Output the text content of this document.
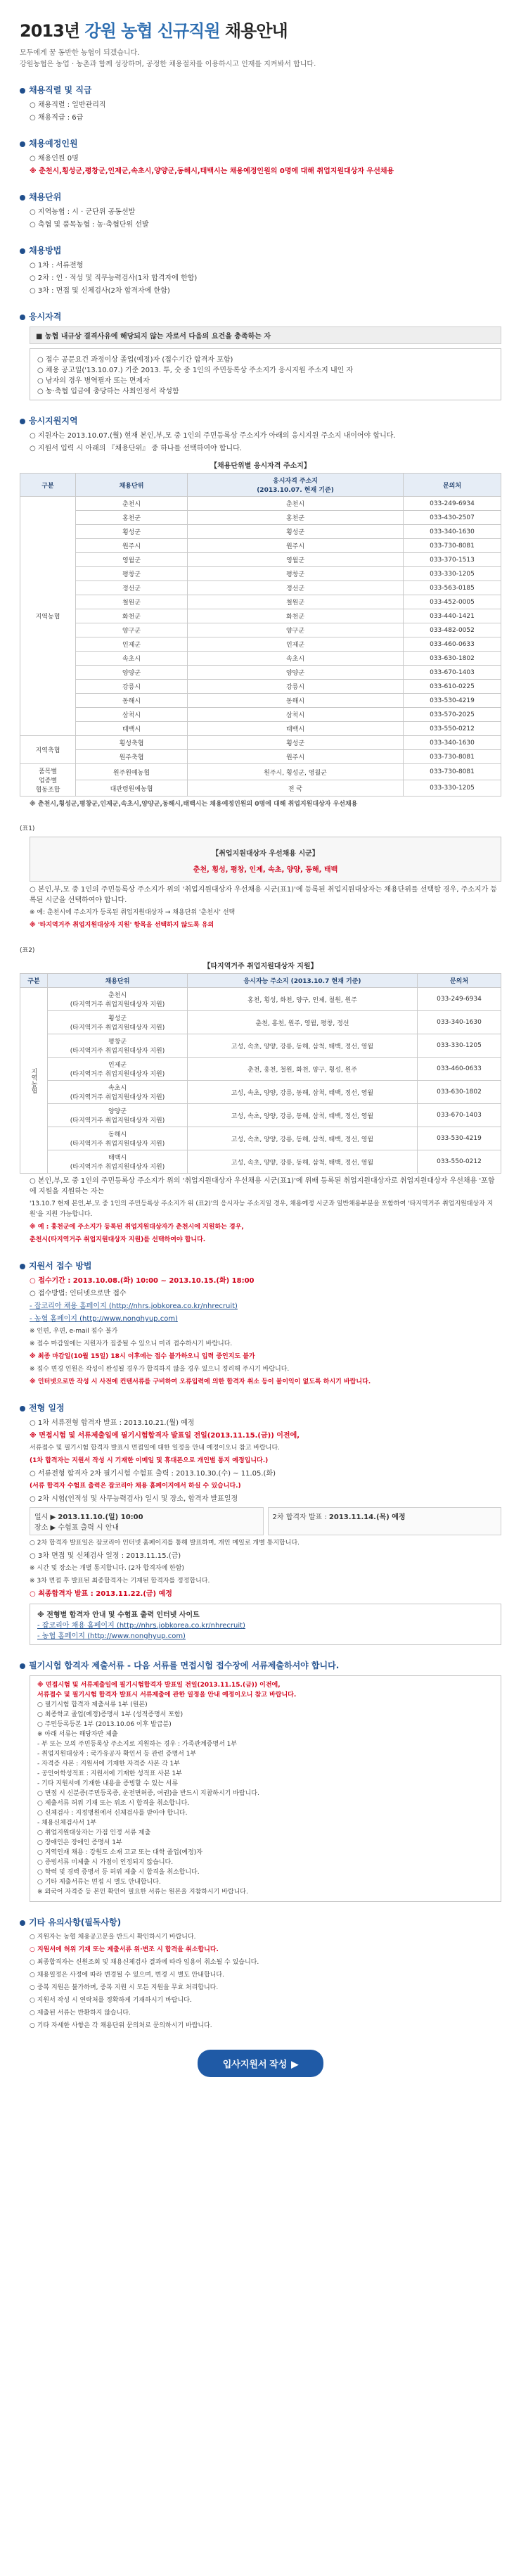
2013년 강원 농협 신규직원 채용안내

모두에게 꿈 동반한 농협이 되겠습니다.

강원농협은 농업 · 농촌과 함께 성장하며, 공정한 채용절차를 이용하시고 인재를 지켜봐서 합니다.

채용직렬 및 직급
○ 채용직렬 : 일반관리직
○ 채용직급 : 6급
채용예정인원
○ 채용인원 0명
※ 춘천시,횡성군,평창군,인제군,속초시,양양군,동해시,태백시는 채용예정인원의 0명에 대해 취업지원대상자 우선채용
채용단위
○ 지역농협 : 시 · 군단위 공동선발
○ 축협 및 품목농협 : 농·축협단위 선발
채용방법
○ 1차 : 서류전형
○ 2차 : 인 · 적성 및 직무능력검사(1차 합격자에 한함)
○ 3차 : 면접 및 신체검사(2차 합격자에 한함)
응시자격
■ 농협 내규상 결격사유에 해당되지 않는 자로서 다음의 요건을 충족하는 자
○ 접수 공문요건 과정이상 졸업(예정)자 (접수기간 합격자 포함)
○ 채용 공고일('13.10.07.) 기준 2013. 투, 숫 중 1인의 주민등록상 주소지가 응시지원 주소지 내인 자
○ 남자의 경우 병역필자 또는 면제자
○ 농·축협 입금에 충당하는 사회인정서 작성함
응시지원지역
○ 지원자는 2013.10.07.(월) 현재 본인,부,모 중 1인의 주민등록상 주소지가 아래의 응시지원 주소지 내이어야 합니다.
○ 지원서 입력 시 아래의 『채용단위』 중 하나를 선택하여야 합니다.
【채용단위별 응시자격 주소지】
구분	채용단위	응시자격 주소지
(2013.10.07. 현재 기준)	문의처
지역농협	춘천시	춘천시	033-249-6934
	홍천군	홍천군	033-430-2507
	횡성군	횡성군	033-340-1630
	원주시	원주시	033-730-8081
	영월군	영월군	033-370-1513
	평창군	평창군	033-330-1205
	정선군	정선군	033-563-0185
	철원군	철원군	033-452-0005
	화천군	화천군	033-440-1421
	양구군	양구군	033-482-0052
	인제군	인제군	033-460-0633
	속초시	속초시	033-630-1802
	양양군	양양군	033-670-1403
	강릉시	강릉시	033-610-0225
	동해시	동해시	033-530-4219
	삼척시	삼척시	033-570-2025
	태백시	태백시	033-550-0212
지역축협	횡성축협	횡성군	033-340-1630
	원주축협	원주시	033-730-8081
품목별
업종별
협동조합	원주원예농협	원주시, 횡성군, 영월군	033-730-8081
	대관령원예농협	전 국	033-330-1205
※ 춘천시,횡성군,평창군,인제군,속초시,양양군,동해시,태백시는 채용예정인원의 0명에 대해 취업지원대상자 우선채용
(표1)
【취업지원대상자 우선채용 시군】
춘천, 횡성, 평창, 인제, 속초, 양양, 동해, 태백
○ 본인,부,모 중 1인의 주민등록상 주소지가 위의 '취업지원대상자 우선채용 시군(표1)'에 등록된 취업지원대상자는 채용단위를 선택할 경우, 주소지가 등록된 시군을 선택하여야 합니다.
※ 예: 춘천시에 주소지가 등록된 취업지원대상자 → 채용단위 '춘천시' 선택
※ '타지역거주 취업지원대상자 지원' 항목을 선택하지 않도록 유의
(표2)
【타지역거주 취업지원대상자 지원】
구분	채용단위	응시자능 주소지 (2013.10.7 현재 기준)	문의처
지역농협	춘천시
(타지역거주 취업지원대상자 지원)	홍천, 횡성, 화천, 양구, 인제, 철원, 원주	033-249-6934
	횡성군
(타지역거주 취업지원대상자 지원)	춘천, 홍천, 원주, 영월, 평창, 정선	033-340-1630
	평창군
(타지역거주 취업지원대상자 지원)	고성, 속초, 양양, 강릉, 동해, 삼척, 태백, 정선, 영월	033-330-1205
	인제군
(타지역거주 취업지원대상자 지원)	춘천, 홍천, 철원, 화천, 양구, 횡성, 원주	033-460-0633
	속초시
(타지역거주 취업지원대상자 지원)	고성, 속초, 양양, 강릉, 동해, 삼척, 태백, 정선, 영월	033-630-1802
	양양군
(타지역거주 취업지원대상자 지원)	고성, 속초, 양양, 강릉, 동해, 삼척, 태백, 정선, 영월	033-670-1403
	동해시
(타지역거주 취업지원대상자 지원)	고성, 속초, 양양, 강릉, 동해, 삼척, 태백, 정선, 영월	033-530-4219
	태백시
(타지역거주 취업지원대상자 지원)	고성, 속초, 양양, 강릉, 동해, 삼척, 태백, 정선, 영월	033-550-0212
○ 본인,부,모 중 1인의 주민등록상 주소지가 위의 '취업지원대상자 우선채용 시군(표1)'에 위배 등록된 취업지원대상자로 취업지원대상자 우선채용 '포함에 지원을 지원하는 자는
'13.10.7 현재 본인,부,모 중 1인의 주민등록상 주소지가 위 (표2)'의 응시자능 주소지일 경우, 채용예정 시군과 일반채용부분을 포함하여 '타지역거주 취업지원대상자 지원'을 지원 가능합니다.
※ 예 : 홍천군에 주소지가 등록된 취업지원대상자가 춘천시에 지원하는 경우,
춘천시(타지역거주 취업지원대상자 지원)를 선택하여야 합니다.
지원서 접수 방법
○ 접수기간 : 2013.10.08.(화) 10:00 ~ 2013.10.15.(화) 18:00
○ 접수방법: 인터넷으로만 접수
- 잡코리아 채용 홈페이지 (http://nhrs.jobkorea.co.kr/nhrecruit)
- 농협 홈페이지 (http://www.nonghyup.com)
※ 인편, 우편, e-mail 접수 불가
※ 접수 마감일에는 지원자가 집중될 수 있으니 미리 접수하시기 바랍니다.
※ 최종 마감일(10월 15일) 18시 이후에는 접수 불가하오니 입력 중인지도 불가
※ 접수 변경 인원은 작성이 완성될 경우가 합격하지 않을 경우 있으니 정리해 주시기 바랍니다.
※ 인터넷으로만 작성 시 사전에 컨텐서류를 구비하여 오류입력에 의한 합격자 취소 등이 불이익이 없도록 하시기 바랍니다.
전형 일정
○ 1차 서류전형 합격자 발표 : 2013.10.21.(월) 예정
※ 면접시험 및 서류제출일에 필기시험합격자 발표일 전일(2013.11.15.(금)) 이전에,
서류접수 및 필기시험 합격자 발표시 면접일에 대한 일정을 안내 예정이오니 참고 바랍니다.
(1차 합격자는 지원서 작성 시 기재한 이메일 및 휴대폰으로 개인별 통지 예정입니다.)
○ 서류전형 합격자 2차 필기시험 수험표 출력 : 2013.10.30.(수) ~ 11.05.(화)
(서류 합격자 수험표 출력은 잡코리아 채용 홈페이지에서 하실 수 있습니다.)
○ 2차 시험(인적성 및 사무능력검사) 일시 및 장소, 합격자 발표일정
일시 ▶ 2013.11.10.(일) 10:00
장소 ▶ 수험표 출력 시 안내
2차 합격자 발표 : 2013.11.14.(목) 예정
○ 2차 합격자 발표일은 잡코리아 인터넷 홈페이지를 통해 발표하며, 개인 메일로 개별 통지합니다.
○ 3차 면접 및 신체검사 일정 : 2013.11.15.(금)
※ 시간 및 장소는 개별 통지합니다. (2차 합격자에 한함)
※ 3차 면접 후 발표된 최종합격자는 기재된 합격자를 정정합니다.
○ 최종합격자 발표 : 2013.11.22.(금) 예정
※ 전형별 합격자 안내 및 수험표 출력 인터넷 사이트
- 잡코리아 채용 홈페이지 (http://nhrs.jobkorea.co.kr/nhrecruit)
- 농협 홈페이지 (http://www.nonghyup.com)
필기시험 합격자 제출서류 - 다음 서류를 면접시험 접수장에 서류제출하셔야 합니다.
※ 면접시험 및 서류제출일에 필기시험합격자 발표일 전일(2013.11.15.(금)) 이전에,
서류접수 및 필기시험 합격자 발표시 서류제출에 관한 일정을 안내 예정이오니 참고 바랍니다.
○ 필기시험 합격자 제출서류 1부 (원본)
○ 최종학교 졸업(예정)증명서 1부 (성적증명서 포함)
○ 주민등록등본 1부 (2013.10.06 이후 발급분)
※ 아래 서류는 해당자만 제출
- 부 또는 모의 주민등록상 주소지로 지원하는 경우 : 가족관계증명서 1부
- 취업지원대상자 : 국가유공자 확인서 등 관련 증명서 1부
- 자격증 사본 : 지원서에 기재한 자격증 사본 각 1부
- 공인어학성적표 : 지원서에 기재한 성적표 사본 1부
- 기타 지원서에 기재한 내용을 증빙할 수 있는 서류
○ 면접 시 신분증(주민등록증, 운전면허증, 여권)을 반드시 지참하시기 바랍니다.
○ 제출서류 허위 기재 또는 위조 시 합격을 취소합니다.
○ 신체검사 : 지정병원에서 신체검사를 받아야 합니다.
- 채용신체검사서 1부
○ 취업지원대상자는 가점 인정 서류 제출
○ 장애인은 장애인 증명서 1부
○ 지역인재 채용 : 강원도 소재 고교 또는 대학 졸업(예정)자
○ 증빙서류 미제출 시 가점이 인정되지 않습니다.
○ 학력 및 경력 증명서 등 허위 제출 시 합격을 취소합니다.
○ 기타 제출서류는 면접 시 별도 안내합니다.
※ 외국어 자격증 등 본인 확인이 필요한 서류는 원본을 지참하시기 바랍니다.
기타 유의사항(필독사항)
○ 지원자는 농협 채용공고문을 반드시 확인하시기 바랍니다.
○ 지원서에 허위 기재 또는 제출서류 위·변조 시 합격을 취소합니다.
○ 최종합격자는 신원조회 및 채용신체검사 결과에 따라 임용이 취소될 수 있습니다.
○ 채용일정은 사정에 따라 변경될 수 있으며, 변경 시 별도 안내합니다.
○ 중복 지원은 불가하며, 중복 지원 시 모든 지원을 무효 처리합니다.
○ 지원서 작성 시 연락처를 정확하게 기재하시기 바랍니다.
○ 제출된 서류는 반환하지 않습니다.
○ 기타 자세한 사항은 각 채용단위 문의처로 문의하시기 바랍니다.
입사지원서 작성 ▶
